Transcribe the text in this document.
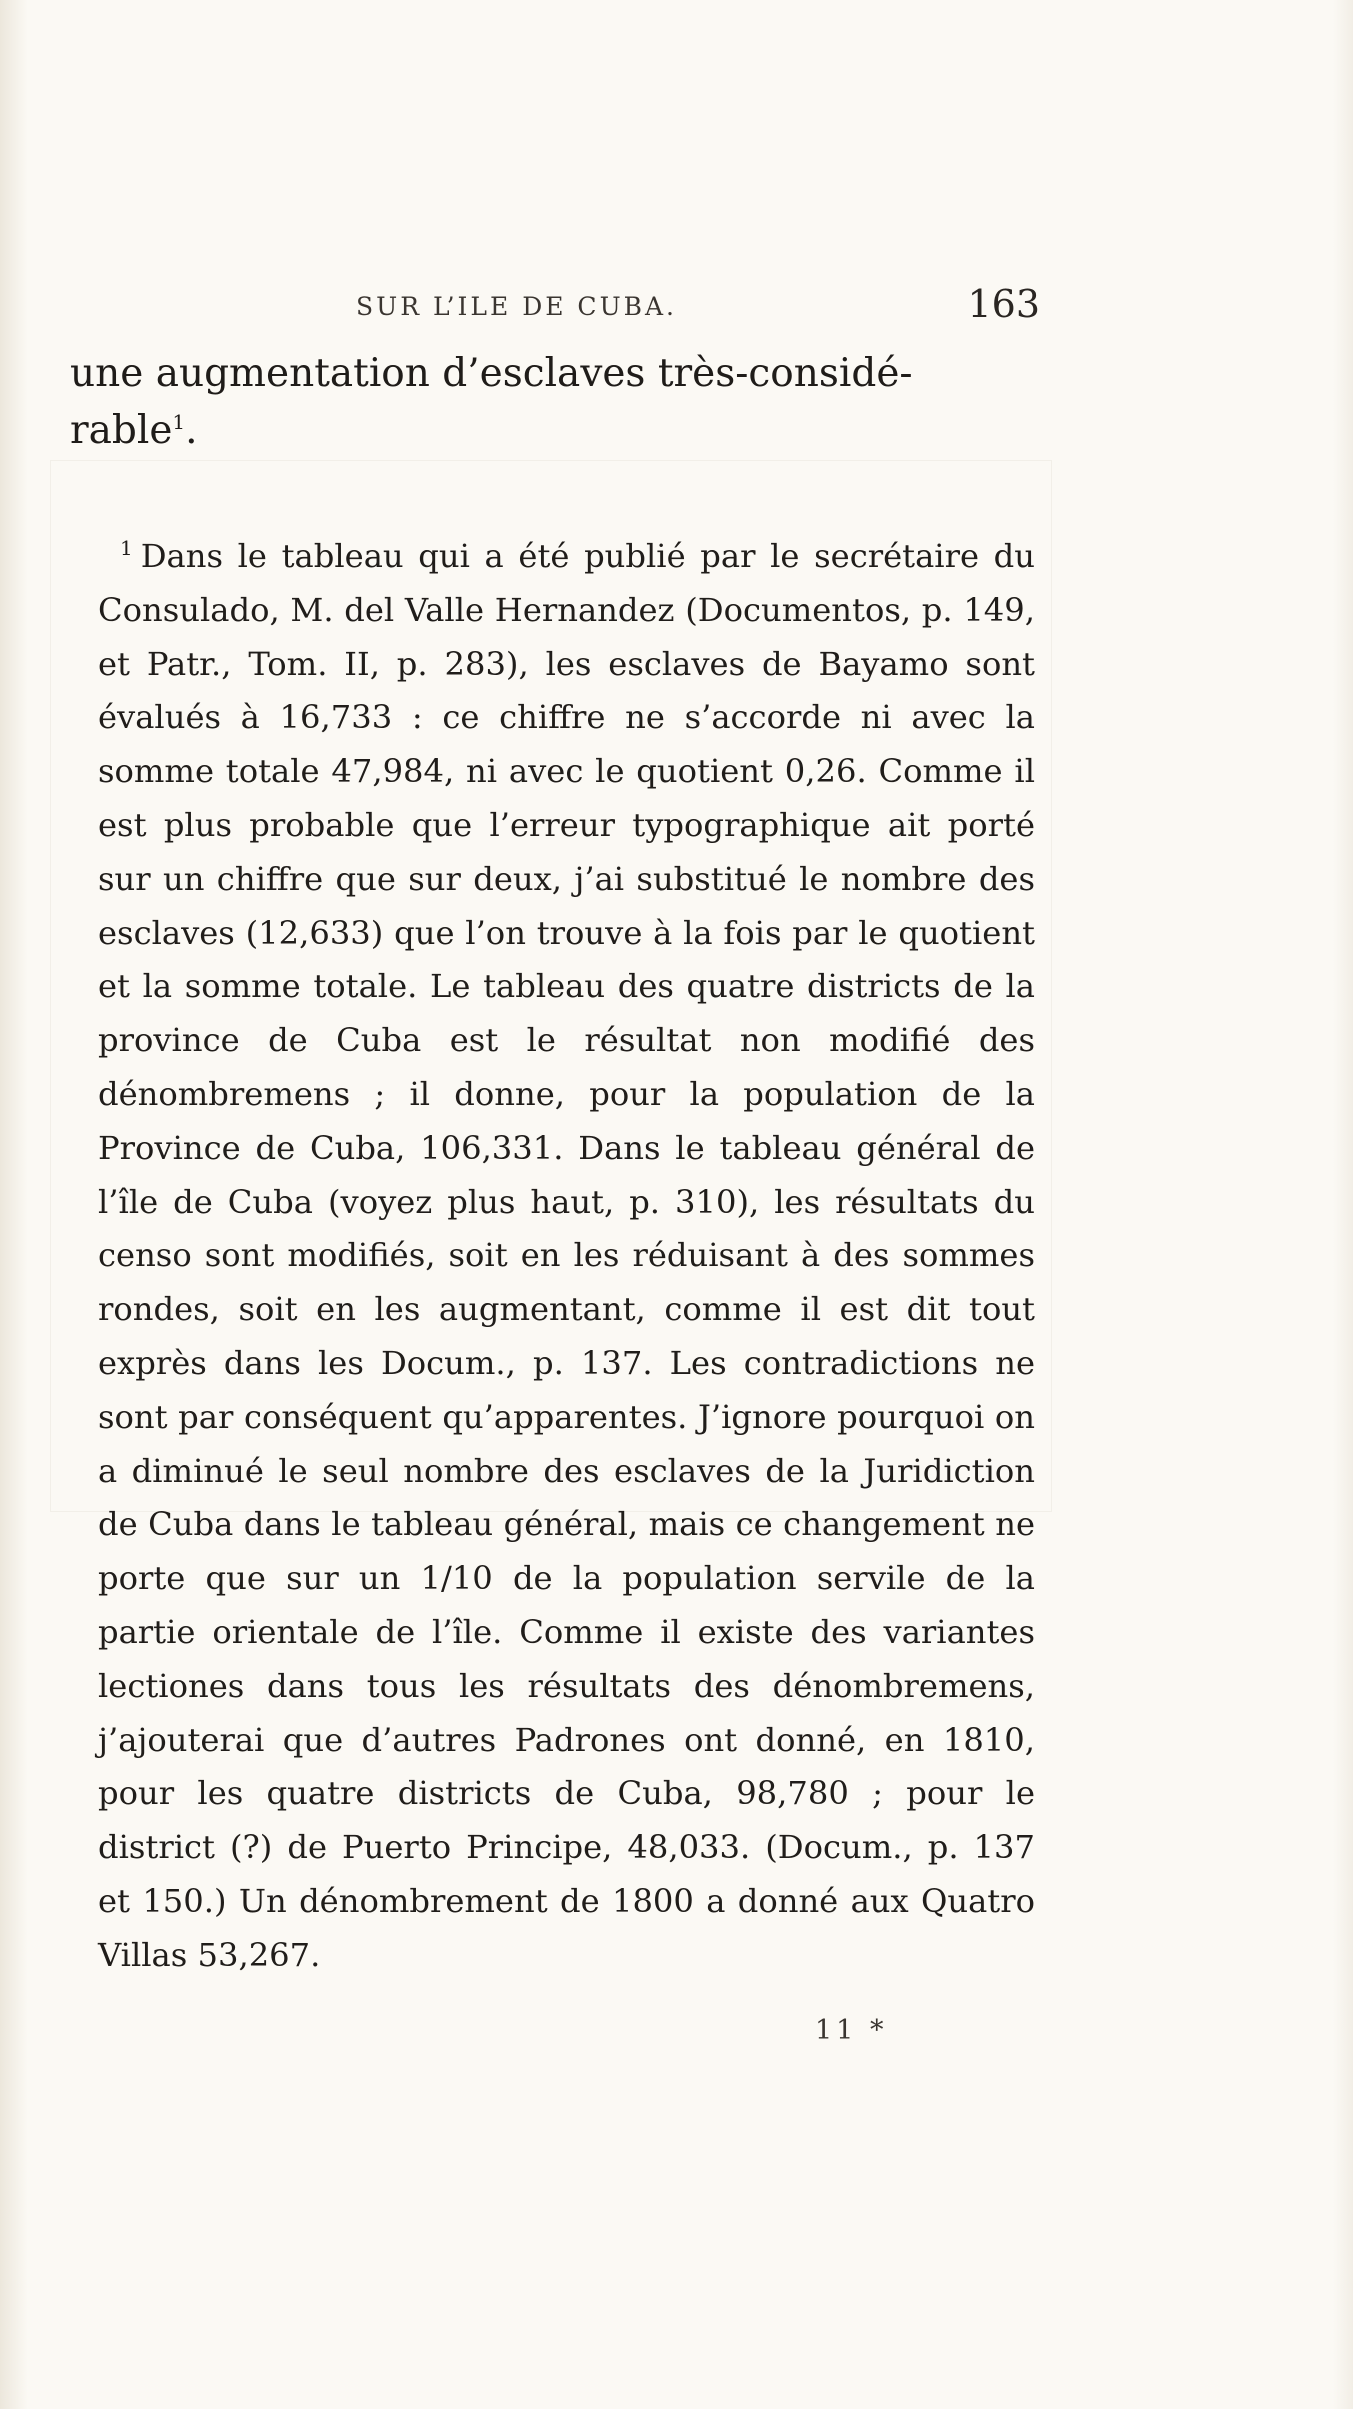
SUR L’ILE DE CUBA.	163

une augmentation d’esclaves très-considé-rable$^1$.

$^1$ Dans le tableau qui a été publié par le secrétaire du Consulado, M. del Valle Hernandez (Documentos, p. 149, et Patr., Tom. II, p. 283), les esclaves de Bayamo sont évalués à 16,733 : ce chiffre ne s’accorde ni avec la somme totale 47,984, ni avec le quotient 0,26. Comme il est plus probable que l’erreur typographique ait porté sur un chiffre que sur deux, j’ai substitué le nombre des esclaves (12,633) que l’on trouve à la fois par le quotient et la somme totale. Le tableau des quatre districts de la province de Cuba est le résultat non modifié des dénombremens ; il donne, pour la population de la Province de Cuba, 106,331. Dans le tableau général de l’île de Cuba (voyez plus haut, p. 310), les résultats du censo sont modifiés, soit en les réduisant à des sommes rondes, soit en les augmentant, comme il est dit tout exprès dans les Docum., p. 137. Les contradictions ne sont par conséquent qu’apparentes. J’ignore pourquoi on a diminué le seul nombre des esclaves de la Juridiction de Cuba dans le tableau général, mais ce changement ne porte que sur un 1/10 de la population servile de la partie orientale de l’île. Comme il existe des variantes lectiones dans tous les résultats des dénombremens, j’ajouterai que d’autres Padrones ont donné, en 1810, pour les quatre districts de Cuba, 98,780 ; pour le district (?) de Puerto Principe, 48,033. (Docum., p. 137 et 150.) Un dénombrement de 1800 a donné aux Quatro Villas 53,267.

11 *
